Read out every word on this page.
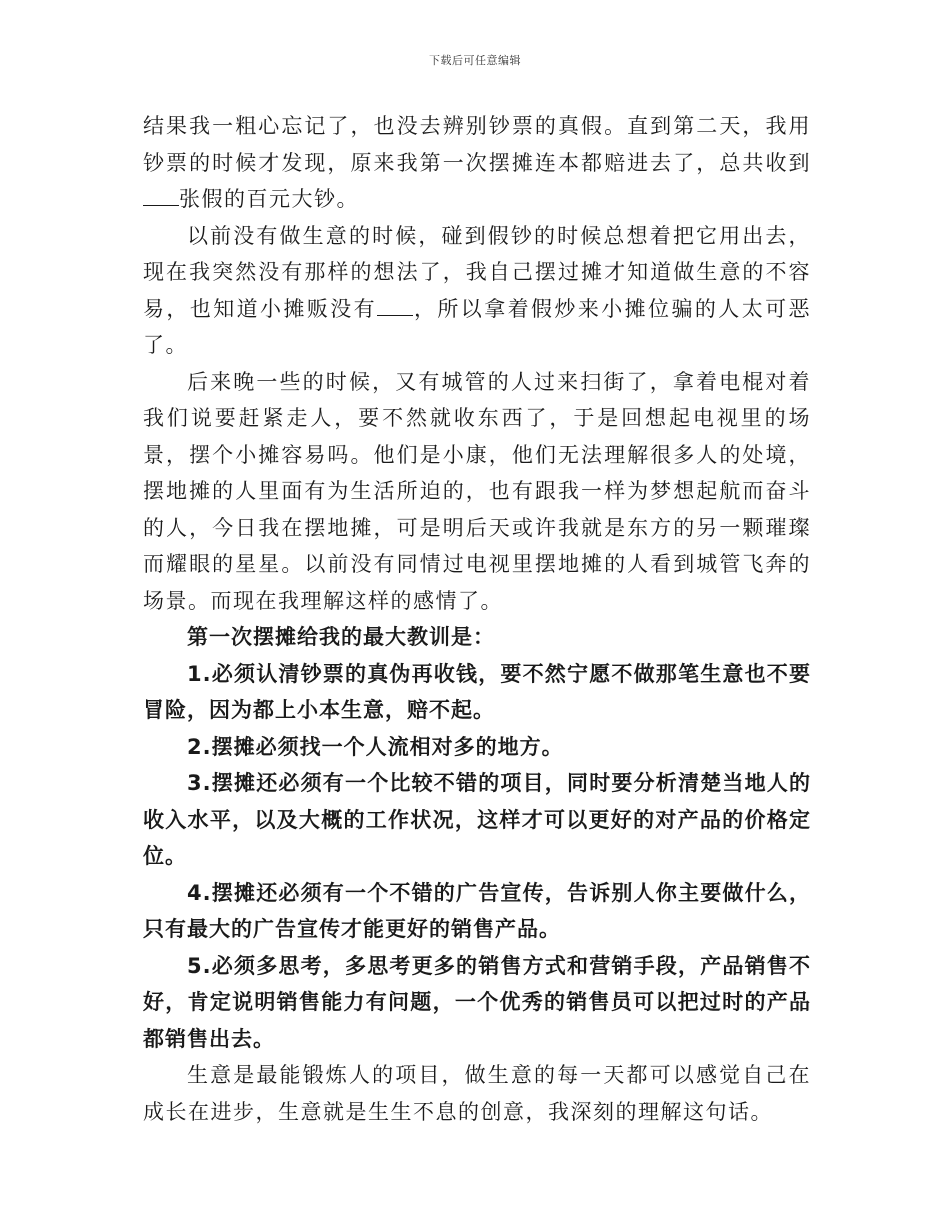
下载后可任意编辑

结果我一粗心忘记了，也没去辨别钞票的真假。直到第二天，我用钞票的时候才发现，原来我第一次摆摊连本都赔进去了，总共收到张假的百元大钞。

以前没有做生意的时候，碰到假钞的时候总想着把它用出去，现在我突然没有那样的想法了，我自己摆过摊才知道做生意的不容易，也知道小摊贩没有 ，所以拿着假炒来小摊位骗的人太可恶了。

后来晚一些的时候，又有城管的人过来扫街了，拿着电棍对着我们说要赶紧走人，要不然就收东西了，于是回想起电视里的场景，摆个小摊容易吗。他们是小康，他们无法理解很多人的处境，摆地摊的人里面有为生活所迫的，也有跟我一样为梦想起航而奋斗的人，今日我在摆地摊，可是明后天或许我就是东方的另一颗璀璨而耀眼的星星。以前没有同情过电视里摆地摊的人看到城管飞奔的场景。而现在我理解这样的感情了。

第一次摆摊给我的最大教训是：

1.必须认清钞票的真伪再收钱，要不然宁愿不做那笔生意也不要冒险，因为都上小本生意，赔不起。

2.摆摊必须找一个人流相对多的地方。

3.摆摊还必须有一个比较不错的项目，同时要分析清楚当地人的收入水平，以及大概的工作状况，这样才可以更好的对产品的价格定位。

4.摆摊还必须有一个不错的广告宣传，告诉别人你主要做什么，只有最大的广告宣传才能更好的销售产品。

5.必须多思考，多思考更多的销售方式和营销手段，产品销售不好，肯定说明销售能力有问题，一个优秀的销售员可以把过时的产品都销售出去。

生意是最能锻炼人的项目，做生意的每一天都可以感觉自己在成长在进步，生意就是生生不息的创意，我深刻的理解这句话。
